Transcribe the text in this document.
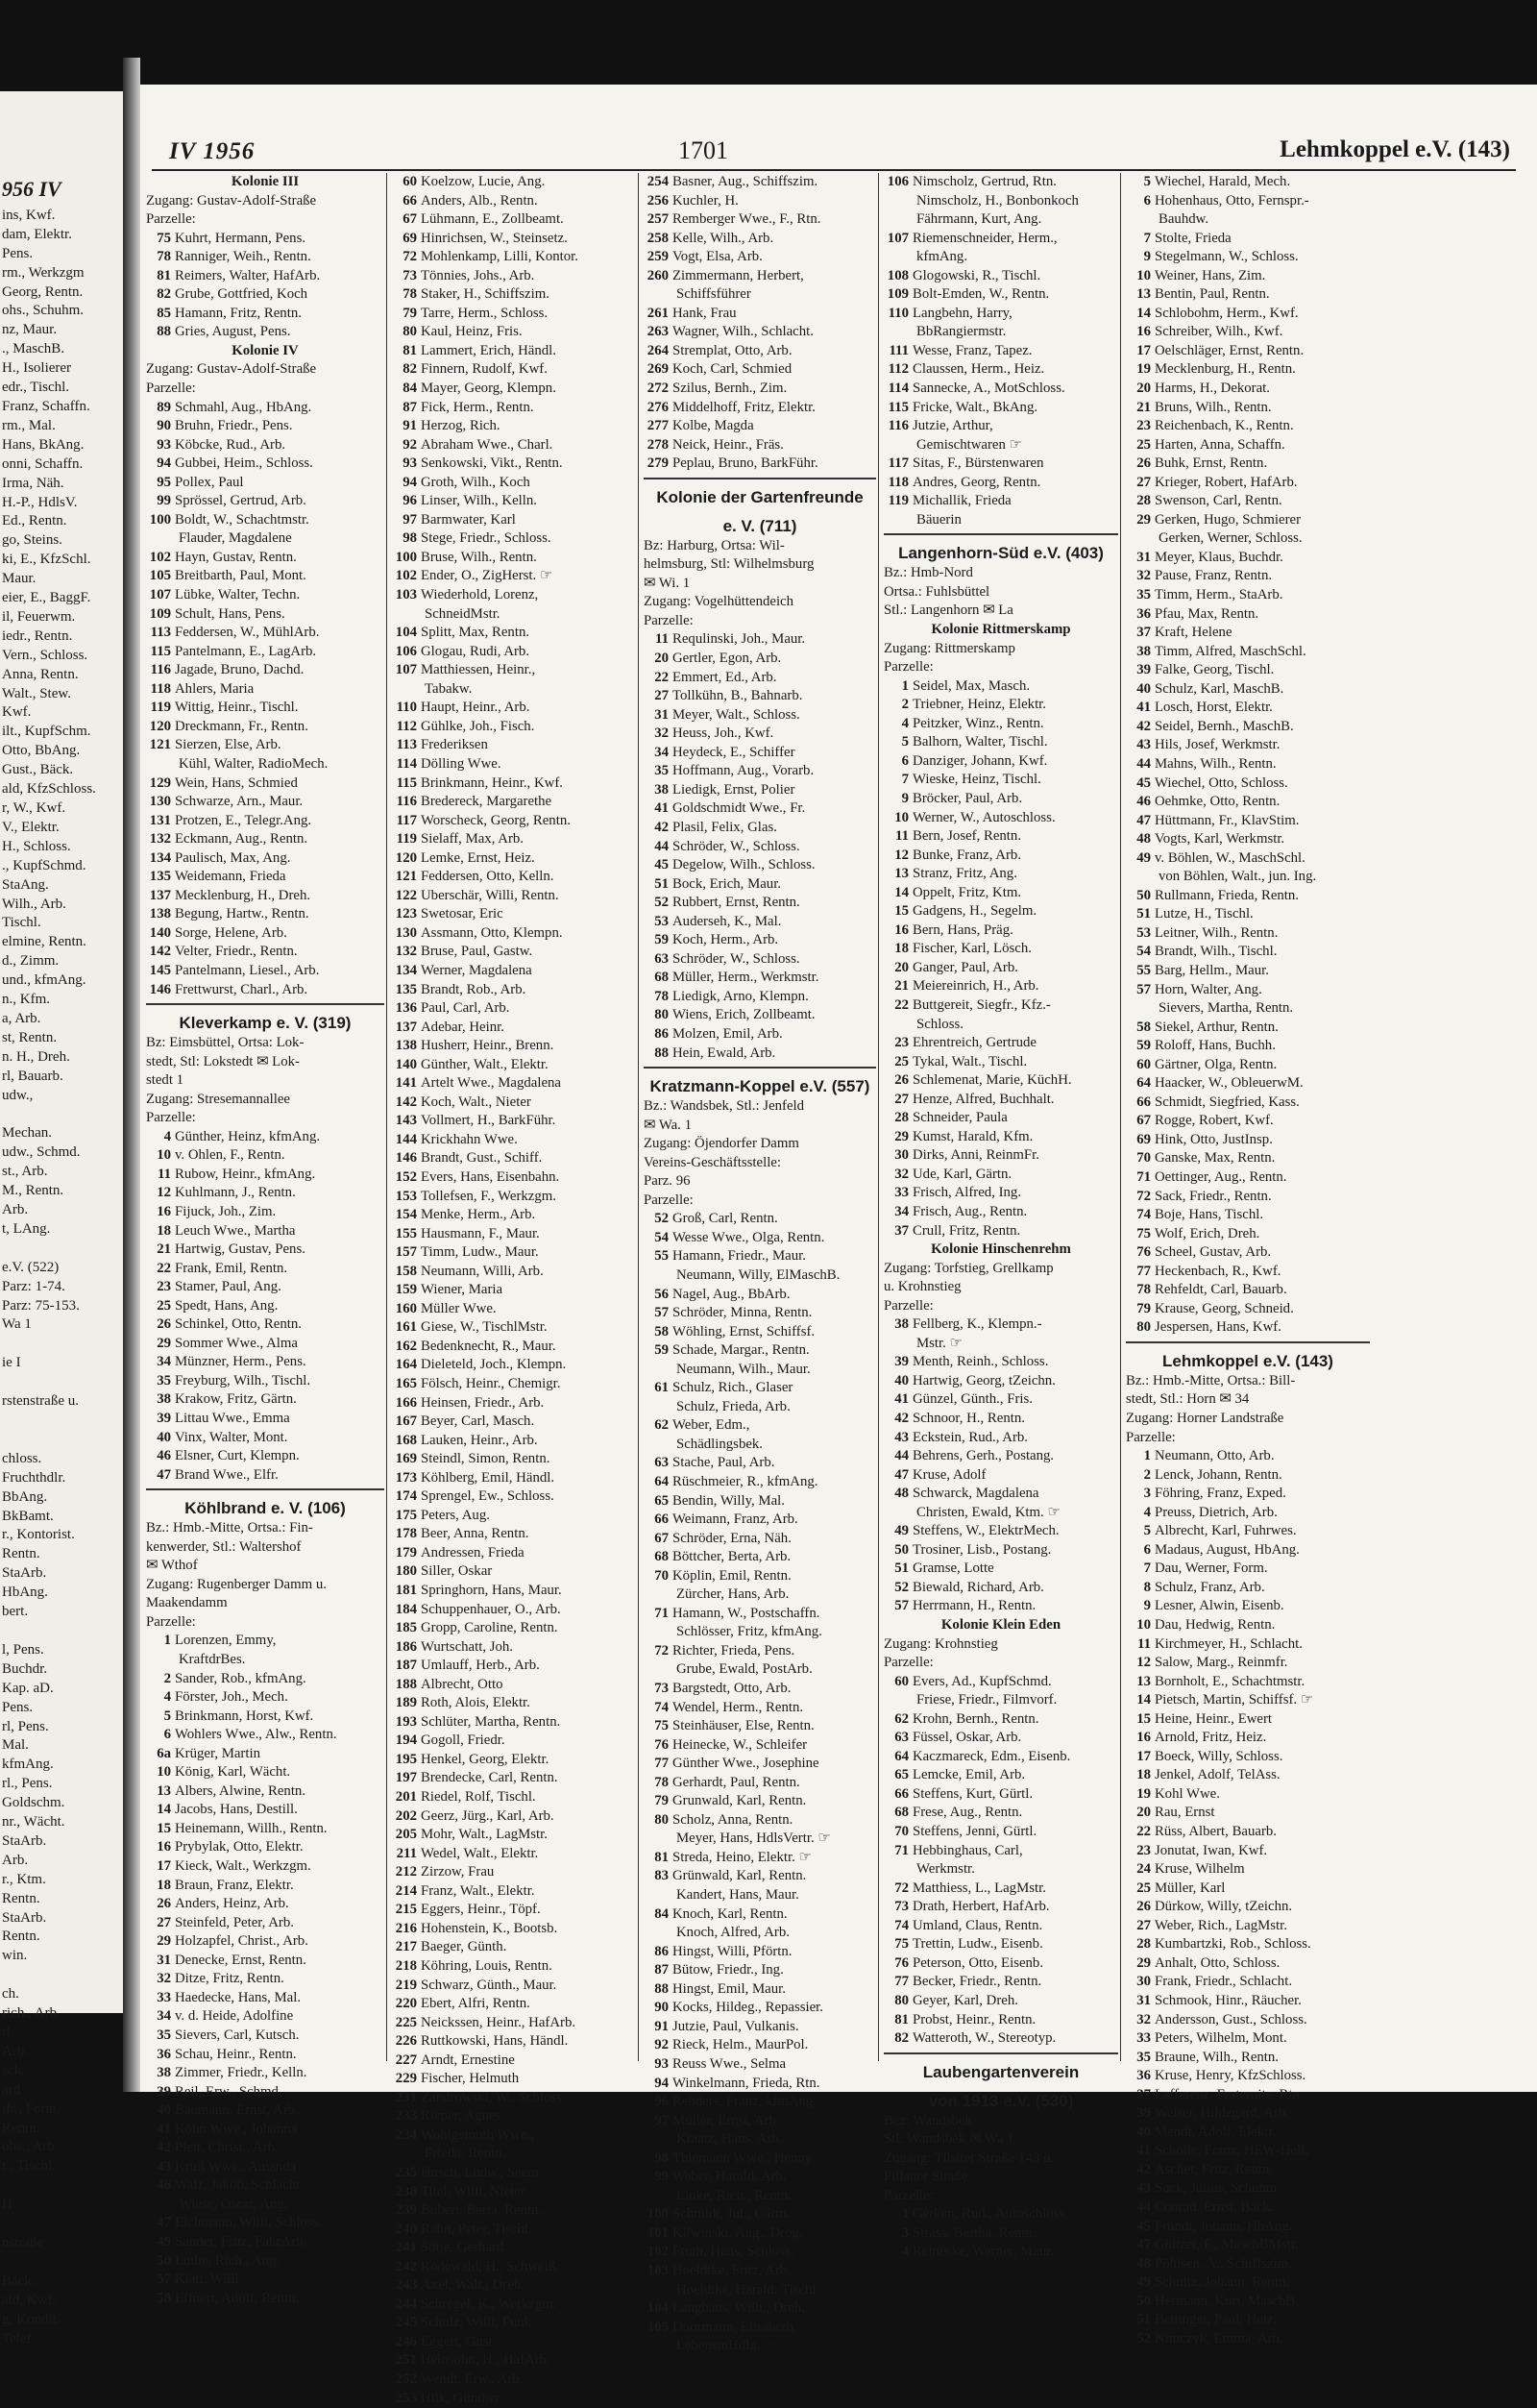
956 IV
ins, Kwf.
dam, Elektr.
Pens.
rm., Werkzgm
Georg, Rentn.
ohs., Schuhm.
nz, Maur.
., MaschB.
H., Isolierer
edr., Tischl.
Franz, Schaffn.
rm., Mal.
Hans, BkAng.
onni, Schaffn.
Irma, Näh.
H.-P., HdlsV.
Ed., Rentn.
go, Steins.
ki, E., KfzSchl.
Maur.
eier, E., BaggF.
il, Feuerwm.
iedr., Rentn.
Vern., Schloss.
Anna, Rentn.
Walt., Stew.
Kwf.
ilt., KupfSchm.
Otto, BbAng.
Gust., Bäck.
ald, KfzSchloss.
r, W., Kwf.
V., Elektr.
H., Schloss.
., KupfSchmd.
StaAng.
Wilh., Arb.
Tischl.
elmine, Rentn.
d., Zimm.
und., kfmAng.
n., Kfm.
a, Arb.
st, Rentn.
n. H., Dreh.
rl, Bauarb.
udw.,

Mechan.
udw., Schmd.
st., Arb.
M., Rentn.
Arb.
t, LAng.

e.V. (522)
Parz: 1-74.
Parz: 75-153.
Wa 1

ie I

rstenstraße u.

chloss.
Fruchthdlr.
BbAng.
BkBamt.
r., Kontorist.
Rentn.
StaArb.
HbAng.
bert.

l, Pens.
Buchdr.
Kap. aD.
Pens.
rl, Pens.
Mal.
kfmAng.
rl., Pens.
Goldschm.
nr., Wächt.
StaArb.
Arb.
r., Ktm.
Rentn.
StaArb.
Rentn.
win.

ch.
rich., Arb.
rl.
Arb.
sck.
ard
ifr., Form.
Rentn.
ohs., Arb.
t., Tischl.

H

nstraße

Bäck.
ald, Kwf.
g, Kondit.
Telef.
IV 1956	1701	Lehmkoppel e.V. (143)
Kolonie III
Zugang: Gustav-Adolf-Straße
Parzelle:
75 Kuhrt, Hermann, Pens.
78 Ranniger, Weih., Rentn.
81 Reimers, Walter, HafArb.
82 Grube, Gottfried, Koch
85 Hamann, Fritz, Rentn.
88 Gries, August, Pens.
Kolonie IV
Zugang: Gustav-Adolf-Straße
Parzelle:
89 Schmahl, Aug., HbAng.
90 Bruhn, Friedr., Pens.
93 Köbcke, Rud., Arb.
94 Gubbei, Heim., Schloss.
95 Pollex, Paul
99 Sprössel, Gertrud, Arb.
100 Boldt, W., Schachtmstr.
Flauder, Magdalene
102 Hayn, Gustav, Rentn.
105 Breitbarth, Paul, Mont.
107 Lübke, Walter, Techn.
109 Schult, Hans, Pens.
113 Feddersen, W., MühlArb.
115 Pantelmann, E., LagArb.
116 Jagade, Bruno, Dachd.
118 Ahlers, Maria
119 Wittig, Heinr., Tischl.
120 Dreckmann, Fr., Rentn.
121 Sierzen, Else, Arb.
Kühl, Walter, RadioMech.
129 Wein, Hans, Schmied
130 Schwarze, Arn., Maur.
131 Protzen, E., Telegr.Ang.
132 Eckmann, Aug., Rentn.
134 Paulisch, Max, Ang.
135 Weidemann, Frieda
137 Mecklenburg, H., Dreh.
138 Begung, Hartw., Rentn.
140 Sorge, Helene, Arb.
142 Velter, Friedr., Rentn.
145 Pantelmann, Liesel., Arb.
146 Frettwurst, Charl., Arb.
Kleverkamp e. V. (319)
Bz: Eimsbüttel, Ortsa: Lok-
stedt, Stl: Lokstedt ✉ Lok-
stedt 1
Zugang: Stresemannallee
Parzelle:
4 Günther, Heinz, kfmAng.
10 v. Ohlen, F., Rentn.
11 Rubow, Heinr., kfmAng.
12 Kuhlmann, J., Rentn.
16 Fijuck, Joh., Zim.
18 Leuch Wwe., Martha
21 Hartwig, Gustav, Pens.
22 Frank, Emil, Rentn.
23 Stamer, Paul, Ang.
25 Spedt, Hans, Ang.
26 Schinkel, Otto, Rentn.
29 Sommer Wwe., Alma
34 Münzner, Herm., Pens.
35 Freyburg, Wilh., Tischl.
38 Krakow, Fritz, Gärtn.
39 Littau Wwe., Emma
40 Vinx, Walter, Mont.
46 Elsner, Curt, Klempn.
47 Brand Wwe., Elfr.
Köhlbrand e. V. (106)
Bz.: Hmb.-Mitte, Ortsa.: Fin-
kenwerder, Stl.: Waltershof
✉ Wthof
Zugang: Rugenberger Damm u.
Maakendamm
Parzelle:
1 Lorenzen, Emmy,
KraftdrBes.
2 Sander, Rob., kfmAng.
4 Förster, Joh., Mech.
5 Brinkmann, Horst, Kwf.
6 Wohlers Wwe., Alw., Rentn.
6a Krüger, Martin
10 König, Karl, Wächt.
13 Albers, Alwine, Rentn.
14 Jacobs, Hans, Destill.
15 Heinemann, Willh., Rentn.
16 Prybylak, Otto, Elektr.
17 Kieck, Walt., Werkzgm.
18 Braun, Franz, Elektr.
26 Anders, Heinz, Arb.
27 Steinfeld, Peter, Arb.
29 Holzapfel, Christ., Arb.
31 Denecke, Ernst, Rentn.
32 Ditze, Fritz, Rentn.
33 Haedecke, Hans, Mal.
34 v. d. Heide, Adolfine
35 Sievers, Carl, Kutsch.
36 Schau, Heinr., Rentn.
38 Zimmer, Friedr., Kelln.
39 Reil, Erw., Schmd.
40 Baumann, Ernst, Arb.
41 Köhn Wwe., Johanna
42 Plett, Christ., Arb.
43 Krull Wwe., Amanda
46 Walz, Jakob, Schlacht.
Wiese, Oscar, Ang.
47 Eichmann, Willi, Schloss.
49 Sander, Fritz, FabrArb.
50 Luthe, Rich., Ang.
57 Klatt, Willi
58 Effnert, Adolf, Rentn.
60 Koelzow, Lucie, Ang.
66 Anders, Alb., Rentn.
67 Lühmann, E., Zollbeamt.
69 Hinrichsen, W., Steinsetz.
72 Mohlenkamp, Lilli, Kontor.
73 Tönnies, Johs., Arb.
78 Staker, H., Schiffszim.
79 Tarre, Herm., Schloss.
80 Kaul, Heinz, Fris.
81 Lammert, Erich, Händl.
82 Finnern, Rudolf, Kwf.
84 Mayer, Georg, Klempn.
87 Fick, Herm., Rentn.
91 Herzog, Rich.
92 Abraham Wwe., Charl.
93 Senkowski, Vikt., Rentn.
94 Groth, Wilh., Koch
96 Linser, Wilh., Kelln.
97 Barmwater, Karl
98 Stege, Friedr., Schloss.
100 Bruse, Wilh., Rentn.
102 Ender, O., ZigHerst. ☞
103 Wiederhold, Lorenz,
SchneidMstr.
104 Splitt, Max, Rentn.
106 Glogau, Rudi, Arb.
107 Matthiessen, Heinr.,
Tabakw.
110 Haupt, Heinr., Arb.
112 Gühlke, Joh., Fisch.
113 Frederiksen
114 Dölling Wwe.
115 Brinkmann, Heinr., Kwf.
116 Bredereck, Margarethe
117 Worscheck, Georg, Rentn.
119 Sielaff, Max, Arb.
120 Lemke, Ernst, Heiz.
121 Feddersen, Otto, Kelln.
122 Uberschär, Willi, Rentn.
123 Swetosar, Eric
130 Assmann, Otto, Klempn.
132 Bruse, Paul, Gastw.
134 Werner, Magdalena
135 Brandt, Rob., Arb.
136 Paul, Carl, Arb.
137 Adebar, Heinr.
138 Husherr, Heinr., Brenn.
140 Günther, Walt., Elektr.
141 Artelt Wwe., Magdalena
142 Koch, Walt., Nieter
143 Vollmert, H., BarkFühr.
144 Krickhahn Wwe.
146 Brandt, Gust., Schiff.
152 Evers, Hans, Eisenbahn.
153 Tollefsen, F., Werkzgm.
154 Menke, Herm., Arb.
155 Hausmann, F., Maur.
157 Timm, Ludw., Maur.
158 Neumann, Willi, Arb.
159 Wiener, Maria
160 Müller Wwe.
161 Giese, W., TischlMstr.
162 Bedenknecht, R., Maur.
164 Dieleteld, Joch., Klempn.
165 Fölsch, Heinr., Chemigr.
166 Heinsen, Friedr., Arb.
167 Beyer, Carl, Masch.
168 Lauken, Heinr., Arb.
169 Steindl, Simon, Rentn.
173 Köhlberg, Emil, Händl.
174 Sprengel, Ew., Schloss.
175 Peters, Aug.
178 Beer, Anna, Rentn.
179 Andressen, Frieda
180 Siller, Oskar
181 Springhorn, Hans, Maur.
184 Schuppenhauer, O., Arb.
185 Gropp, Caroline, Rentn.
186 Wurtschatt, Joh.
187 Umlauff, Herb., Arb.
188 Albrecht, Otto
189 Roth, Alois, Elektr.
193 Schlüter, Martha, Rentn.
194 Gogoll, Friedr.
195 Henkel, Georg, Elektr.
197 Brendecke, Carl, Rentn.
201 Riedel, Rolf, Tischl.
202 Geerz, Jürg., Karl, Arb.
205 Mohr, Walt., LagMstr.
211 Wedel, Walt., Elektr.
212 Zirzow, Frau
214 Franz, Walt., Elektr.
215 Eggers, Heinr., Töpf.
216 Hohenstein, K., Bootsb.
217 Baeger, Günth.
218 Köhring, Louis, Rentn.
219 Schwarz, Günth., Maur.
220 Ebert, Alfri, Rentn.
225 Neickssen, Heinr., HafArb.
226 Ruttkowski, Hans, Händl.
227 Arndt, Ernestine
229 Fischer, Helmuth
231 Zandrowski, W., Schloss.
233 Rieper, Agnes
234 Wohlgemuth Wwe.,
Frieda, Rentn.
235 Husch, Ludw., Seem.
238 Titel, Willi, Nieter
239 Bubert, Berta, Rentn.
240 Rahn, Peter, Tischl.
241 Sötje, Gerhard
242 Rodewald, H., Schweiß.
243 Axel, Walt., Dreh.
244 Schregel, K., Werkzgm.
245 Schulz, Willi, Funk.
246 Eggert, Gust.
251 Heinsohn, H., HafArb.
252 Wendt, Erw., Arb.
253 Hilk, Günther
254 Basner, Aug., Schiffszim.
256 Kuchler, H.
257 Remberger Wwe., F., Rtn.
258 Kelle, Wilh., Arb.
259 Vogt, Elsa, Arb.
260 Zimmermann, Herbert,
Schiffsführer
261 Hank, Frau
263 Wagner, Wilh., Schlacht.
264 Stremplat, Otto, Arb.
269 Koch, Carl, Schmied
272 Szilus, Bernh., Zim.
276 Middelhoff, Fritz, Elektr.
277 Kolbe, Magda
278 Neick, Heinr., Fräs.
279 Peplau, Bruno, BarkFühr.
Kolonie der Gartenfreunde
e. V. (711)
Bz: Harburg, Ortsa: Wil-
helmsburg, Stl: Wilhelmsburg
✉ Wi. 1
Zugang: Vogelhüttendeich
Parzelle:
11 Requlinski, Joh., Maur.
20 Gertler, Egon, Arb.
22 Emmert, Ed., Arb.
27 Tollkühn, B., Bahnarb.
31 Meyer, Walt., Schloss.
32 Heuss, Joh., Kwf.
34 Heydeck, E., Schiffer
35 Hoffmann, Aug., Vorarb.
38 Liedigk, Ernst, Polier
41 Goldschmidt Wwe., Fr.
42 Plasil, Felix, Glas.
44 Schröder, W., Schloss.
45 Degelow, Wilh., Schloss.
51 Bock, Erich, Maur.
52 Rubbert, Ernst, Rentn.
53 Auderseh, K., Mal.
59 Koch, Herm., Arb.
63 Schröder, W., Schloss.
68 Müller, Herm., Werkmstr.
78 Liedigk, Arno, Klempn.
80 Wiens, Erich, Zollbeamt.
86 Molzen, Emil, Arb.
88 Hein, Ewald, Arb.
Kratzmann-Koppel e.V. (557)
Bz.: Wandsbek, Stl.: Jenfeld
✉ Wa. 1
Zugang: Öjendorfer Damm
Vereins-Geschäftsstelle:
Parz. 96
Parzelle:
52 Groß, Carl, Rentn.
54 Wesse Wwe., Olga, Rentn.
55 Hamann, Friedr., Maur.
Neumann, Willy, ElMaschB.
56 Nagel, Aug., BbArb.
57 Schröder, Minna, Rentn.
58 Wöhling, Ernst, Schiffsf.
59 Schade, Margar., Rentn.
Neumann, Wilh., Maur.
61 Schulz, Rich., Glaser
Schulz, Frieda, Arb.
62 Weber, Edm.,
Schädlingsbek.
63 Stache, Paul, Arb.
64 Rüschmeier, R., kfmAng.
65 Bendin, Willy, Mal.
66 Weimann, Franz, Arb.
67 Schröder, Erna, Näh.
68 Böttcher, Berta, Arb.
70 Köplin, Emil, Rentn.
Zürcher, Hans, Arb.
71 Hamann, W., Postschaffn.
Schlösser, Fritz, kfmAng.
72 Richter, Frieda, Pens.
Grube, Ewald, PostArb.
73 Bargstedt, Otto, Arb.
74 Wendel, Herm., Rentn.
75 Steinhäuser, Else, Rentn.
76 Heinecke, W., Schleifer
77 Günther Wwe., Josephine
78 Gerhardt, Paul, Rentn.
79 Grunwald, Karl, Rentn.
80 Scholz, Anna, Rentn.
Meyer, Hans, HdlsVertr. ☞
81 Streda, Heino, Elektr. ☞
83 Grünwald, Karl, Rentn.
Kandert, Hans, Maur.
84 Knoch, Karl, Rentn.
Knoch, Alfred, Arb.
86 Hingst, Willi, Pförtn.
87 Bütow, Friedr., Ing.
88 Hingst, Emil, Maur.
90 Kocks, Hildeg., Repassier.
91 Jutzie, Paul, Vulkanis.
92 Rieck, Helm., MaurPol.
93 Reuss Wwe., Selma
94 Winkelmann, Frieda, Rtn.
96 Rehders, Franz, kfmAng.
97 Müller, Ernst, Arb.
Kraatz, Hans, Arb.
98 Thiemann Wwe., Henny
99 Weber, Harald, Arb.
Linke, Rich., Rentn.
100 Schmidt, Jul., Gärtn.
101 Kilwinski, Aug., Drog.
102 Fruth, Hans, Schloss.
103 Hoeldtke, Fritz, Arb.
Hoeldtke, Harald, Tischl.
104 Langhans, Wilh., Dreh.
105 Doormann, Elisabeth,
LebensmHdlg. ☞
106 Nimscholz, Gertrud, Rtn.
Nimscholz, H., Bonbonkoch
Fährmann, Kurt, Ang.
107 Riemenschneider, Herm.,
kfmAng.
108 Glogowski, R., Tischl.
109 Bolt-Emden, W., Rentn.
110 Langbehn, Harry,
BbRangiermstr.
111 Wesse, Franz, Tapez.
112 Claussen, Herm., Heiz.
114 Sannecke, A., MotSchloss.
115 Fricke, Walt., BkAng.
116 Jutzie, Arthur,
Gemischtwaren ☞
117 Sitas, F., Bürstenwaren
118 Andres, Georg, Rentn.
119 Michallik, Frieda
Bäuerin
Langenhorn-Süd e.V. (403)
Bz.: Hmb-Nord
Ortsa.: Fuhlsbüttel
Stl.: Langenhorn ✉ La
Kolonie Rittmerskamp
Zugang: Rittmerskamp
Parzelle:
1 Seidel, Max, Masch.
2 Triebner, Heinz, Elektr.
4 Peitzker, Winz., Rentn.
5 Balhorn, Walter, Tischl.
6 Danziger, Johann, Kwf.
7 Wieske, Heinz, Tischl.
9 Bröcker, Paul, Arb.
10 Werner, W., Autoschloss.
11 Bern, Josef, Rentn.
12 Bunke, Franz, Arb.
13 Stranz, Fritz, Ang.
14 Oppelt, Fritz, Ktm.
15 Gadgens, H., Segelm.
16 Bern, Hans, Präg.
18 Fischer, Karl, Lösch.
20 Ganger, Paul, Arb.
21 Meiereinrich, H., Arb.
22 Buttgereit, Siegfr., Kfz.-
Schloss.
23 Ehrentreich, Gertrude
25 Tykal, Walt., Tischl.
26 Schlemenat, Marie, KüchH.
27 Henze, Alfred, Buchhalt.
28 Schneider, Paula
29 Kumst, Harald, Kfm.
30 Dirks, Anni, ReinmFr.
32 Ude, Karl, Gärtn.
33 Frisch, Alfred, Ing.
34 Frisch, Aug., Rentn.
37 Crull, Fritz, Rentn.
Kolonie Hinschenrehm
Zugang: Torfstieg, Grellkamp
u. Krohnstieg
Parzelle:
38 Fellberg, K., Klempn.-
Mstr. ☞
39 Menth, Reinh., Schloss.
40 Hartwig, Georg, tZeichn.
41 Günzel, Günth., Fris.
42 Schnoor, H., Rentn.
43 Eckstein, Rud., Arb.
44 Behrens, Gerh., Postang.
47 Kruse, Adolf
48 Schwarck, Magdalena
Christen, Ewald, Ktm. ☞
49 Steffens, W., ElektrMech.
50 Trosiner, Lisb., Postang.
51 Gramse, Lotte
52 Biewald, Richard, Arb.
57 Herrmann, H., Rentn.
Kolonie Klein Eden
Zugang: Krohnstieg
Parzelle:
60 Evers, Ad., KupfSchmd.
Friese, Friedr., Filmvorf.
62 Krohn, Bernh., Rentn.
63 Füssel, Oskar, Arb.
64 Kaczmareck, Edm., Eisenb.
65 Lemcke, Emil, Arb.
66 Steffens, Kurt, Gürtl.
68 Frese, Aug., Rentn.
70 Steffens, Jenni, Gürtl.
71 Hebbinghaus, Carl,
Werkmstr.
72 Matthiess, L., LagMstr.
73 Drath, Herbert, HafArb.
74 Umland, Claus, Rentn.
75 Trettin, Ludw., Eisenb.
76 Peterson, Otto, Eisenb.
77 Becker, Friedr., Rentn.
80 Geyer, Karl, Dreh.
81 Probst, Heinr., Rentn.
82 Watteroth, W., Stereotyp.
Laubengartenverein
von 1913 e.V. (530)
Bez: Wandsbek
Stl: Wandsbek ✉ Wa 1
Zugang: Tilsiter Straße 143 u.
Pillauer Straße
Parzelle:
1 Gerken, Rud., Autoschloss.
3 Strass, Bertha, Rentn.
4 Reinecke, Werner, Maur.
5 Wiechel, Harald, Mech.
6 Hohenhaus, Otto, Fernspr.-
Bauhdw.
7 Stolte, Frieda
9 Stegelmann, W., Schloss.
10 Weiner, Hans, Zim.
13 Bentin, Paul, Rentn.
14 Schlobohm, Herm., Kwf.
16 Schreiber, Wilh., Kwf.
17 Oelschläger, Ernst, Rentn.
19 Mecklenburg, H., Rentn.
20 Harms, H., Dekorat.
21 Bruns, Wilh., Rentn.
23 Reichenbach, K., Rentn.
25 Harten, Anna, Schaffn.
26 Buhk, Ernst, Rentn.
27 Krieger, Robert, HafArb.
28 Swenson, Carl, Rentn.
29 Gerken, Hugo, Schmierer
Gerken, Werner, Schloss.
31 Meyer, Klaus, Buchdr.
32 Pause, Franz, Rentn.
35 Timm, Herm., StaArb.
36 Pfau, Max, Rentn.
37 Kraft, Helene
38 Timm, Alfred, MaschSchl.
39 Falke, Georg, Tischl.
40 Schulz, Karl, MaschB.
41 Losch, Horst, Elektr.
42 Seidel, Bernh., MaschB.
43 Hils, Josef, Werkmstr.
44 Mahns, Wilh., Rentn.
45 Wiechel, Otto, Schloss.
46 Oehmke, Otto, Rentn.
47 Hüttmann, Fr., KlavStim.
48 Vogts, Karl, Werkmstr.
49 v. Böhlen, W., MaschSchl.
von Böhlen, Walt., jun. Ing.
50 Rullmann, Frieda, Rentn.
51 Lutze, H., Tischl.
53 Leitner, Wilh., Rentn.
54 Brandt, Wilh., Tischl.
55 Barg, Hellm., Maur.
57 Horn, Walter, Ang.
Sievers, Martha, Rentn.
58 Siekel, Arthur, Rentn.
59 Roloff, Hans, Buchh.
60 Gärtner, Olga, Rentn.
64 Haacker, W., ObleuerwM.
66 Schmidt, Siegfried, Kass.
67 Rogge, Robert, Kwf.
69 Hink, Otto, JustInsp.
70 Ganske, Max, Rentn.
71 Oettinger, Aug., Rentn.
72 Sack, Friedr., Rentn.
74 Boje, Hans, Tischl.
75 Wolf, Erich, Dreh.
76 Scheel, Gustav, Arb.
77 Heckenbach, R., Kwf.
78 Rehfeldt, Carl, Bauarb.
79 Krause, Georg, Schneid.
80 Jespersen, Hans, Kwf.
Lehmkoppel e.V. (143)
Bz.: Hmb.-Mitte, Ortsa.: Bill-
stedt, Stl.: Horn ✉ 34
Zugang: Horner Landstraße
Parzelle:
1 Neumann, Otto, Arb.
2 Lenck, Johann, Rentn.
3 Föhring, Franz, Exped.
4 Preuss, Dietrich, Arb.
5 Albrecht, Karl, Fuhrwes.
6 Madaus, August, HbAng.
7 Dau, Werner, Form.
8 Schulz, Franz, Arb.
9 Lesner, Alwin, Eisenb.
10 Dau, Hedwig, Rentn.
11 Kirchmeyer, H., Schlacht.
12 Salow, Marg., Reinmfr.
13 Bornholt, E., Schachtmstr.
14 Pietsch, Martin, Schiffsf. ☞
15 Heine, Heinr., Ewert
16 Arnold, Fritz, Heiz.
17 Boeck, Willy, Schloss.
18 Jenkel, Adolf, TelAss.
19 Kohl Wwe.
20 Rau, Ernst
22 Rüss, Albert, Bauarb.
23 Jonutat, Iwan, Kwf.
24 Kruse, Wilhelm
25 Müller, Karl
26 Dürkow, Willy, tZeichn.
27 Weber, Rich., LagMstr.
28 Kumbartzki, Rob., Schloss.
29 Anhalt, Otto, Schloss.
30 Frank, Friedr., Schlacht.
31 Schmook, Hinr., Räucher.
32 Andersson, Gust., Schloss.
33 Peters, Wilhelm, Mont.
35 Braune, Wilh., Rentn.
36 Kruse, Henry, KfzSchloss.
37 Lafferenz, Fraternite, Rtn.
39 Weiser, Hildegard, Arb.
40 Mendt, Adolf, Elektr.
41 Scholle, Franz, HEW-Helf.
42 Ascher, Fritz, Rentn.
43 Suck, Julius, Schuhm.
44 Conrad, Ernst, Bäck.
45 Fründt, Johann, HbAng.
47 Göltzer, F., MaschBMstr.
48 Pöhlsen, A., Schiffszim.
49 Schultz, Johann, Rentn.
50 Hermann, Kurt, MaschB.
51 Bettinger, Paul, Heiz.
52 Nimczyk, Emma, Arb.
